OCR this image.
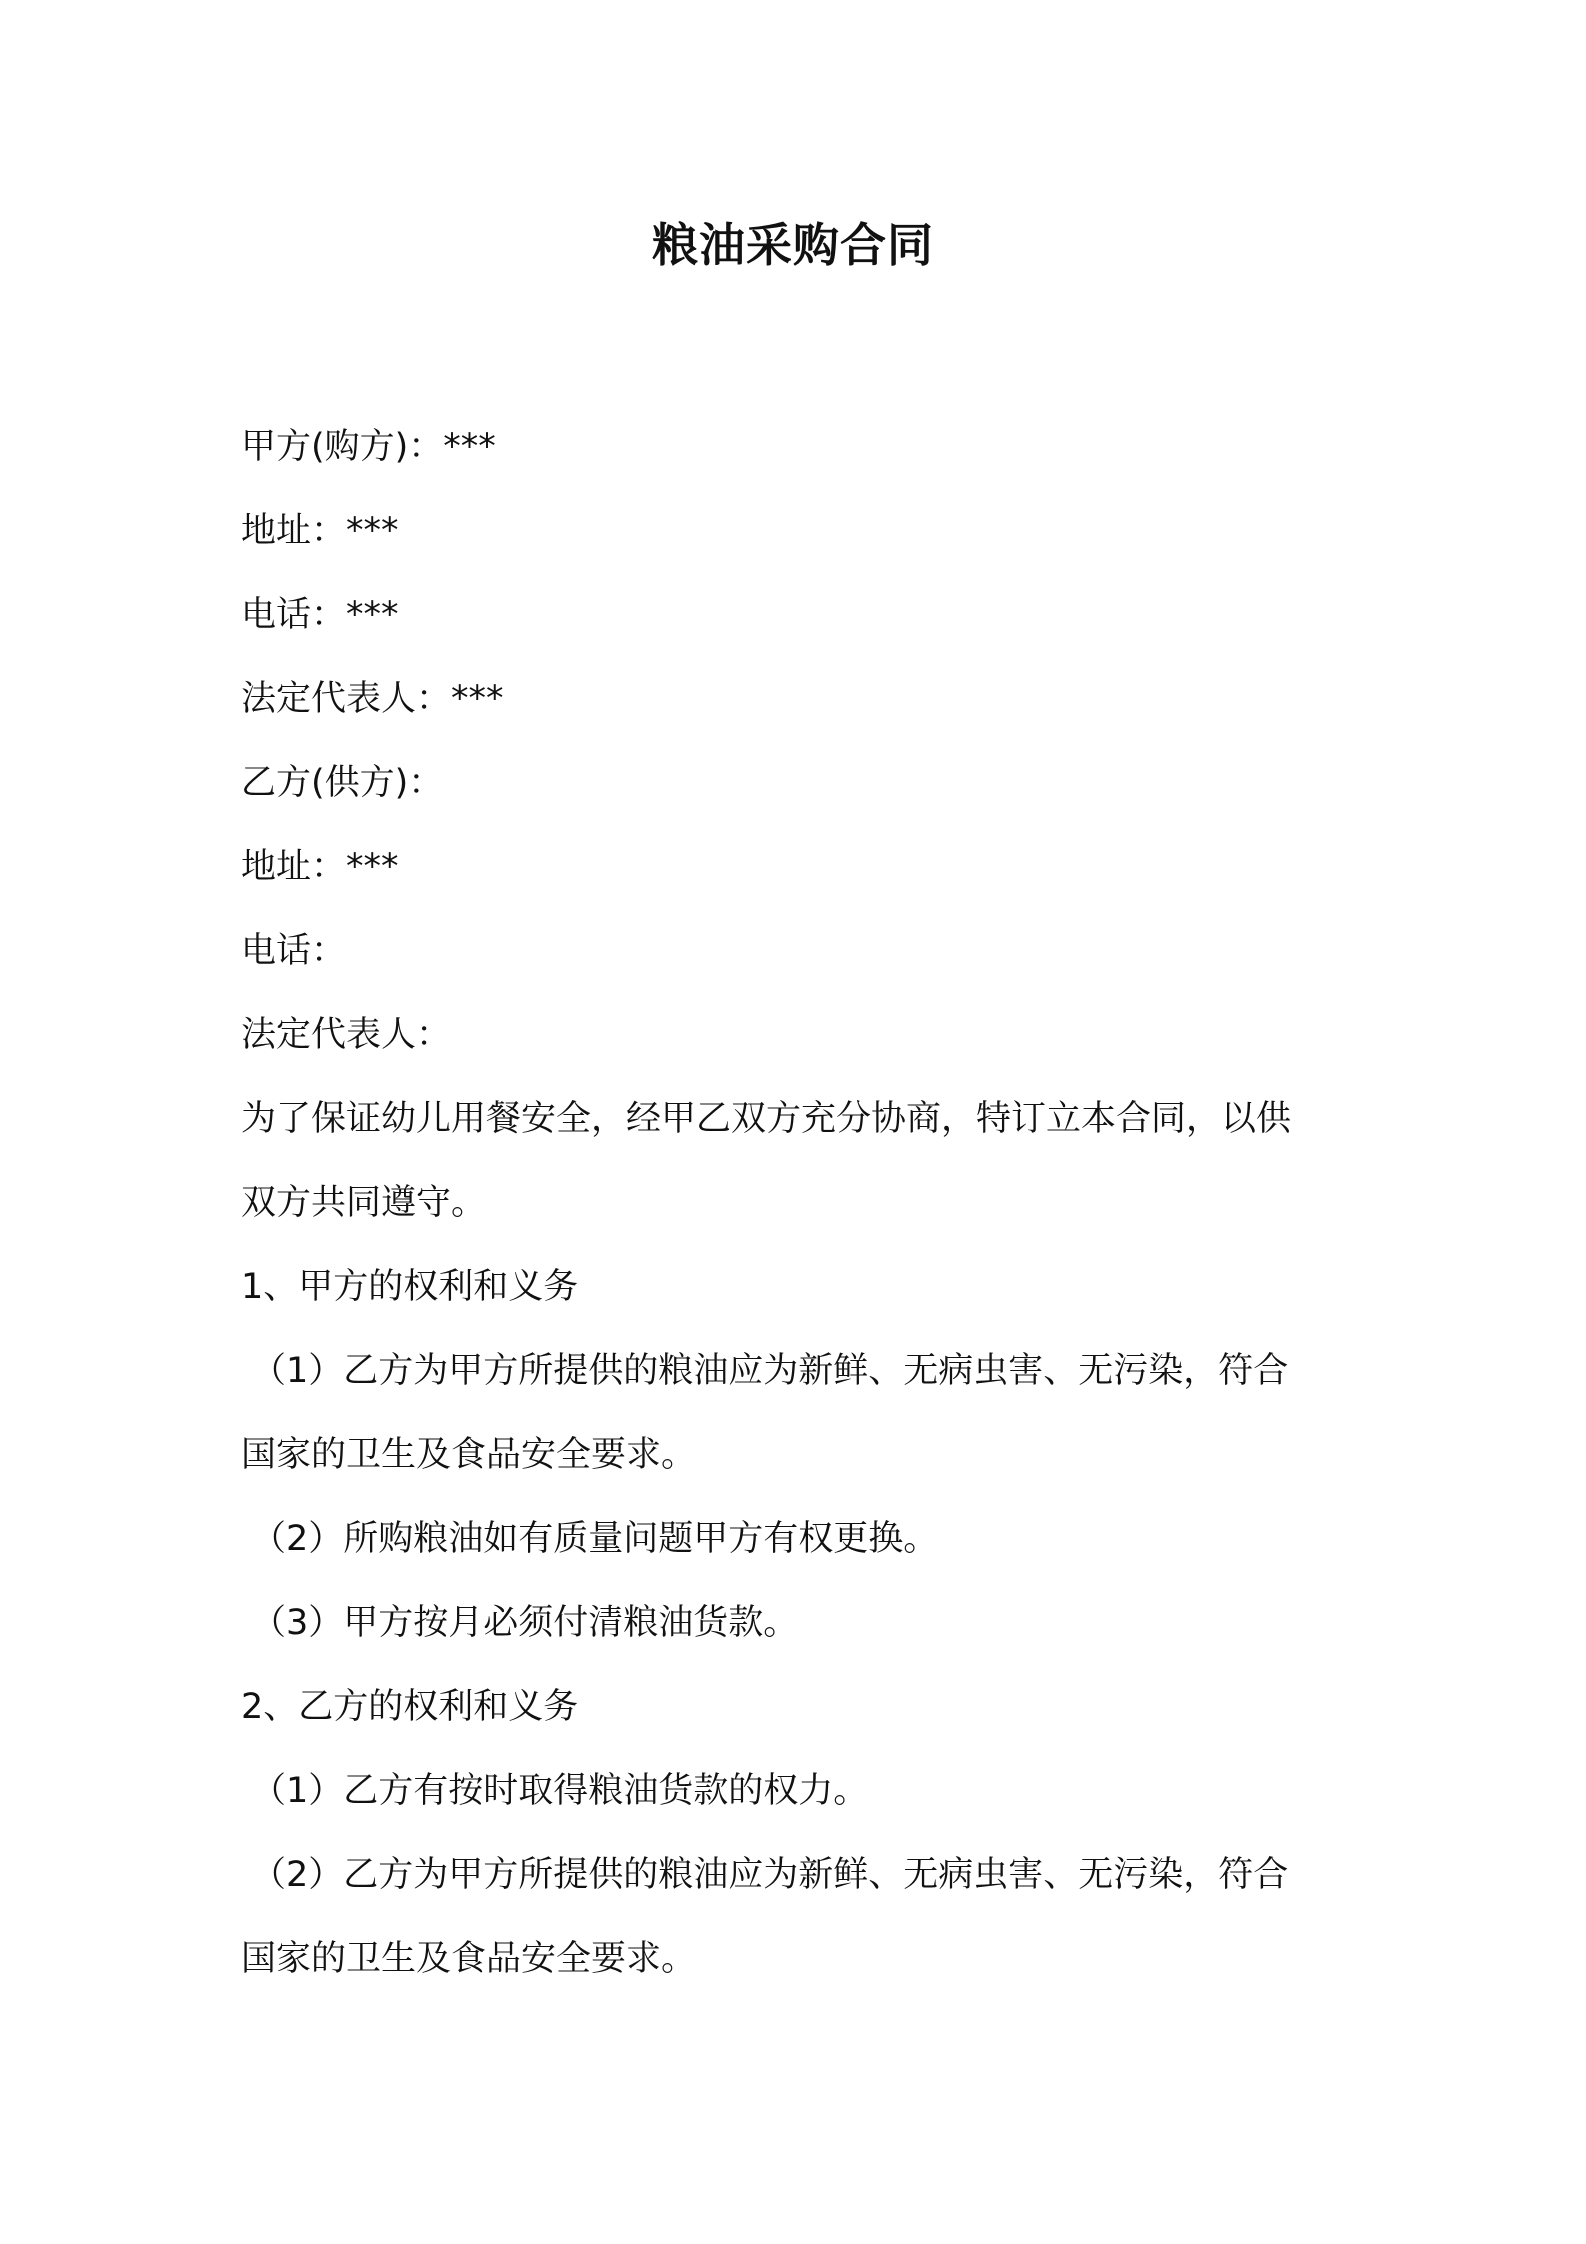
粮油采购合同
甲方(购方)：***
地址：***
电话：***
法定代表人：***
乙方(供方)：
地址：***
电话：
法定代表人：
为了保证幼儿用餐安全，经甲乙双方充分协商，特订立本合同，以供
双方共同遵守。
1、甲方的权利和义务
（1）乙方为甲方所提供的粮油应为新鲜、无病虫害、无污染，符合
国家的卫生及食品安全要求。
（2）所购粮油如有质量问题甲方有权更换。
（3）甲方按月必须付清粮油货款。
2、乙方的权利和义务
（1）乙方有按时取得粮油货款的权力。
（2）乙方为甲方所提供的粮油应为新鲜、无病虫害、无污染，符合
国家的卫生及食品安全要求。
